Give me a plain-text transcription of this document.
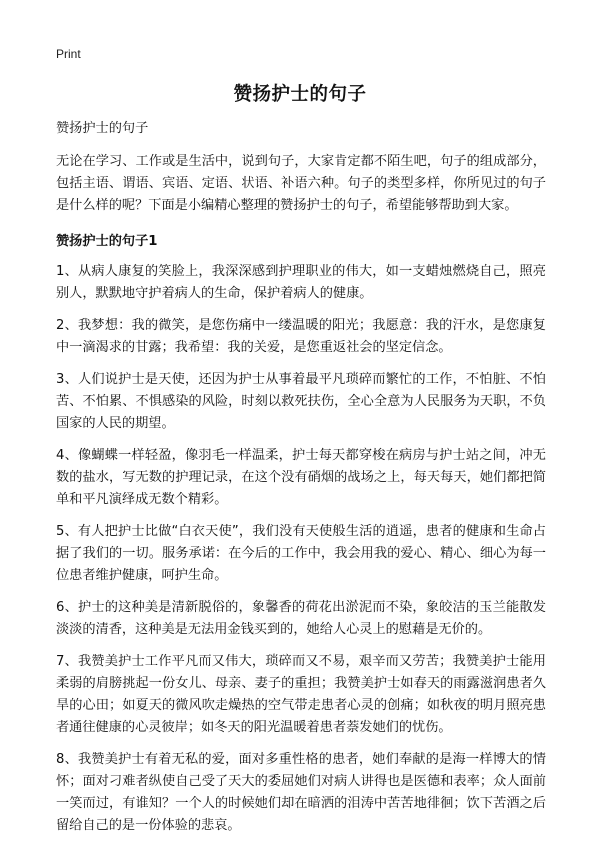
Print
赞扬护士的句子

赞扬护士的句子

无论在学习、工作或是生活中，说到句子，大家肯定都不陌生吧，句子的组成部分，包括主语、谓语、宾语、定语、状语、补语六种。句子的类型多样，你所见过的句子是什么样的呢？下面是小编精心整理的赞扬护士的句子，希望能够帮助到大家。

赞扬护士的句子1

1、从病人康复的笑脸上，我深深感到护理职业的伟大，如一支蜡烛燃烧自己，照亮别人，默默地守护着病人的生命，保护着病人的健康。

2、我梦想：我的微笑，是您伤痛中一缕温暖的阳光；我愿意：我的汗水，是您康复中一滴渴求的甘露；我希望：我的关爱，是您重返社会的坚定信念。

3、人们说护士是天使，还因为护士从事着最平凡琐碎而繁忙的工作，不怕脏、不怕苦、不怕累、不惧感染的风险，时刻以救死扶伤，全心全意为人民服务为天职，不负国家的人民的期望。

4、像蝴蝶一样轻盈，像羽毛一样温柔，护士每天都穿梭在病房与护士站之间，冲无数的盐水，写无数的护理记录，在这个没有硝烟的战场之上，每天每天，她们都把简单和平凡演绎成无数个精彩。

5、有人把护士比做“白衣天使”，我们没有天使般生活的逍遥，患者的健康和生命占据了我们的一切。服务承诺：在今后的工作中，我会用我的爱心、精心、细心为每一位患者维护健康，呵护生命。

6、护士的这种美是清新脱俗的，象馨香的荷花出淤泥而不染，象皎洁的玉兰能散发淡淡的清香，这种美是无法用金钱买到的，她给人心灵上的慰藉是无价的。

7、我赞美护士工作平凡而又伟大，琐碎而又不易，艰辛而又劳苦；我赞美护士能用柔弱的肩膀挑起一份女儿、母亲、妻子的重担；我赞美护士如春天的雨露滋润患者久旱的心田；如夏天的微风吹走燥热的空气带走患者心灵的创痛；如秋夜的明月照亮患者通往健康的心灵彼岸；如冬天的阳光温暖着患者萘发她们的忧伤。

8、我赞美护士有着无私的爱，面对多重性格的患者，她们奉献的是海一样博大的情怀；面对刁难者纵使自己受了天大的委屈她们对病人讲得也是医德和表率；众人面前一笑而过，有谁知？一个人的时候她们却在暗洒的泪涛中苦苦地徘徊；饮下苦酒之后留给自己的是一份体验的悲哀。
